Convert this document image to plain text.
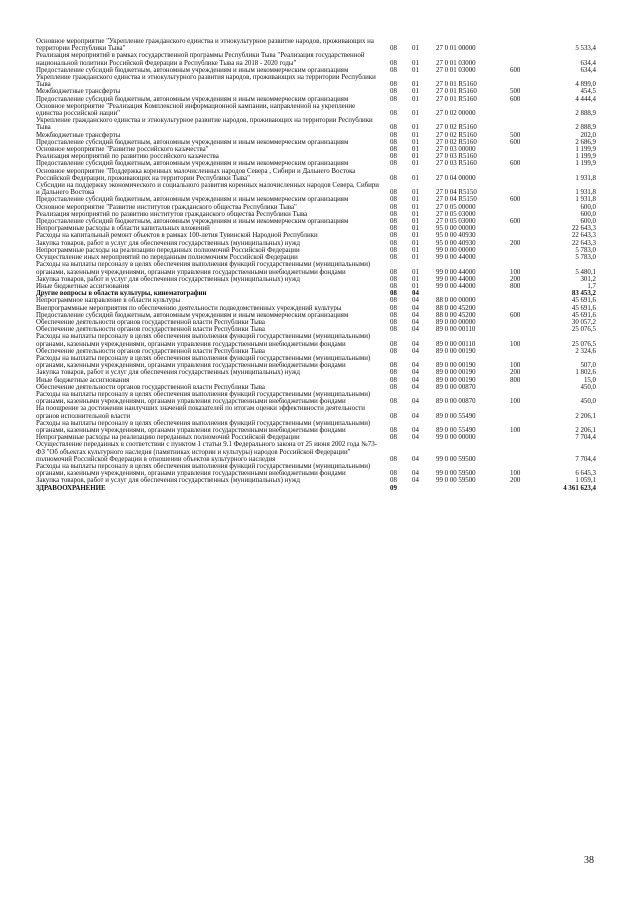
Основное мероприятие "Укрепление гражданского единства и этнокультурное развитие народов, проживающих на территории Республики Тыва"	08	01	27 0 01 00000		5 533,4
Реализация мероприятий в рамках государственной программы Республики Тыва "Реализация государственной национальной политики Российской Федерации в Республике Тыва на 2018 - 2020 годы"	08	01	27 0 01 03000		634,4
Предоставление субсидий бюджетным, автономным учреждениям и иным некоммерческим организациям	08	01	27 0 01 03000	600	634,4
Укрепление гражданского единства и этнокультурного развития народов, проживающих на территории Республики Тыва	08	01	27 0 01 R5160		4 899,0
Межбюджетные трансферты	08	01	27 0 01 R5160	500	454,5
Предоставление субсидий бюджетным, автономным учреждениям и иным некоммерческим организациям	08	01	27 0 01 R5160	600	4 444,4
Основное мероприятие "Реализация Комплексной информационной кампании, направленной на укрепление единства российской нации"	08	01	27 0 02 00000		2 888,9
Укрепление гражданского единства и этнокультурное развитие народов, проживающих на территории Республики Тыва	08	01	27 0 02 R5160		2 888,9
Межбюджетные трансферты	08	01	27 0 02 R5160	500	202,0
Предоставление субсидий бюджетным, автономным учреждениям и иным некоммерческим организациям	08	01	27 0 02 R5160	600	2 686,9
Основное мероприятие "Развитие российского казачества"	08	01	27 0 03 00000		1 199,9
Реализация мероприятий по развитию российского казачества	08	01	27 0 03 R5160		1 199,9
Предоставление субсидий бюджетным, автономным учреждениям и иным некоммерческим организациям	08	01	27 0 03 R5160	600	1 199,9
Основное мероприятие "Поддержка коренных малочисленных народов Севера , Сибири и Дальнего Востока Российской Федерации, проживающих на территории Республики Тыва"	08	01	27 0 04 00000		1 931,8
Субсидии на поддержку экономического и социального развития коренных малочисленных народов Севера, Сибири и Дальнего Востока	08	01	27 0 04 R5150		1 931,8
Предоставление субсидий бюджетным, автономным учреждениям и иным некоммерческим организациям	08	01	27 0 04 R5150	600	1 931,8
Основное мероприятие "Развитие институтов гражданского общества Республики Тыва"	08	01	27 0 05 00000		600,0
Реализация мероприятий по развитию институтов гражданского общества Республики Тыва	08	01	27 0 05 03000		600,0
Предоставление субсидий бюджетным, автономным учреждениям и иным некоммерческим организациям	08	01	27 0 05 03000	600	600,0
Непрограммные расходы в области капитальных вложений	08	01	95 0 00 00000		22 643,3
Расходы на капитальный ремонт объектов в рамках 100-летия Тувинской Народной Республики	08	01	95 0 00 40930		22 643,3
Закупка товаров, работ и услуг для обеспечения государственных (муниципальных) нужд	08	01	95 0 00 40930	200	22 643,3
Непрограммные расходы на реализацию переданных полномочий Российской Федерации	08	01	99 0 00 00000		5 783,0
Осуществление иных мероприятий по переданным полномочиям Российской Федерации	08	01	99 0 00 44000		5 783,0
Расходы на выплаты персоналу в целях обеспечения выполнения функций государственными (муниципальными) органами, казенными учреждениями, органами управления государственными внебюджетными фондами	08	01	99 0 00 44000	100	5 480,1
Закупка товаров, работ и услуг для обеспечения государственных (муниципальных) нужд	08	01	99 0 00 44000	200	301,2
Иные бюджетные ассигнования	08	01	99 0 00 44000	800	1,7
Другие вопросы в области культуры, кинематографии	08	04			83 453,2
Непрограммное направление в области культуры	08	04	88 0 00 00000		45 691,6
Внепрограммные мероприятия по обеспечению деятельности подведомственных учреждений культуры	08	04	88 0 00 45200		45 691,6
Предоставление субсидий бюджетным, автономным учреждениям и иным некоммерческим организациям	08	04	88 0 00 45200	600	45 691,6
Обеспечение деятельности органов государственной власти Республики Тыва	08	04	89 0 00 00000		30 057,2
Обеспечение деятельности органов государственной власти Республики Тыва	08	04	89 0 00 00110		25 076,5
Расходы на выплаты персоналу в целях обеспечения выполнения функций государственными (муниципальными) органами, казенными учреждениями, органами управления государственными внебюджетными фондами	08	04	89 0 00 00110	100	25 076,5
Обеспечение деятельности органов государственной власти Республики Тыва	08	04	89 0 00 00190		2 324,6
Расходы на выплаты персоналу в целях обеспечения выполнения функций государственными (муниципальными) органами, казенными учреждениями, органами управления государственными внебюджетными фондами	08	04	89 0 00 00190	100	507,0
Закупка товаров, работ и услуг для обеспечения государственных (муниципальных) нужд	08	04	89 0 00 00190	200	1 802,6
Иные бюджетные ассигнования	08	04	89 0 00 00190	800	15,0
Обеспечение деятельности органов государственной власти Республики Тыва	08	04	89 0 00 00870		450,0
Расходы на выплаты персоналу в целях обеспечения выполнения функций государственными (муниципальными) органами, казенными учреждениями, органами управления государственными внебюджетными фондами	08	04	89 0 00 00870	100	450,0
На поощрение за достижения наилучших значений показателей по итогам оценки эффективности деятельности органов исполнительной власти	08	04	89 0 00 55490		2 206,1
Расходы на выплаты персоналу в целях обеспечения выполнения функций государственными (муниципальными) органами, казенными учреждениями, органами управления государственными внебюджетными фондами	08	04	89 0 00 55490	100	2 206,1
Непрограммные расходы на реализацию переданных полномочий Российской Федерации	08	04	99 0 00 00000		7 704,4
Осуществление переданных в соответствии с пунктом 1 статьи 9.1 Федерального закона от 25 июня 2002 года №73-ФЗ "Об объектах культурного наследия (памятниках истории и культуры) народов Российской Федерации" полномочий Российской Федерации в отношении объектов культурного наследия	08	04	99 0 00 59500		7 704,4
Расходы на выплаты персоналу в целях обеспечения выполнения функций государственными (муниципальными) органами, казенными учреждениями, органами управления государственными внебюджетными фондами	08	04	99 0 00 59500	100	6 645,3
Закупка товаров, работ и услуг для обеспечения государственных (муниципальных) нужд	08	04	99 0 00 59500	200	1 059,1
ЗДРАВООХРАНЕНИЕ	09				4 361 623,4
38
